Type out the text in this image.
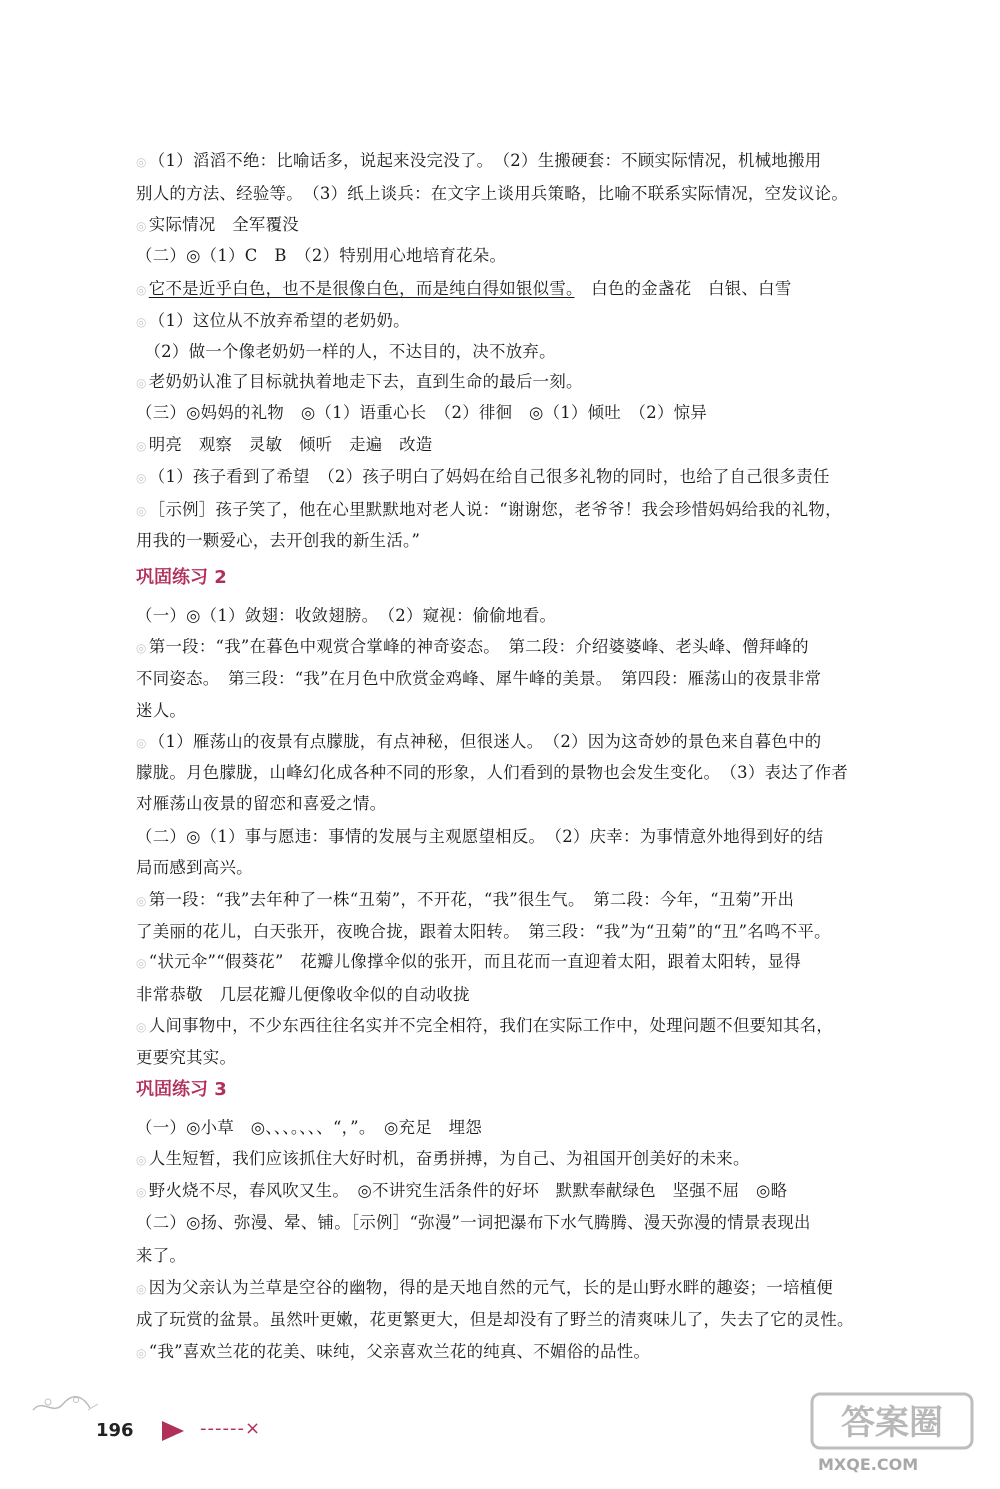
◎ （1）滔滔不绝：比喻话多，说起来没完没了。　（2）生搬硬套：不顾实际情况，机械地搬用
别人的方法、经验等。　（3）纸上谈兵：在文字上谈用兵策略，比喻不联系实际情况，空发议论。
◎ 实际情况　全军覆没
（二）◎（1）C　B　（2）特别用心地培育花朵。
◎ 它不是近乎白色，也不是很像白色，而是纯白得如银似雪。　白色的金盏花　白银、白雪
◎ （1）这位从不放弃希望的老奶奶。
　（2）做一个像老奶奶一样的人，不达目的，决不放弃。
◎ 老奶奶认准了目标就执着地走下去，直到生命的最后一刻。
（三）◎妈妈的礼物　◎（1）语重心长　（2）徘徊　◎（1）倾吐　（2）惊异
◎ 明亮　观察　灵敏　倾听　走遍　改造
◎ （1）孩子看到了希望　（2）孩子明白了妈妈在给自己很多礼物的同时，也给了自己很多责任
◎ ［示例］孩子笑了，他在心里默默地对老人说：“谢谢您，老爷爷！我会珍惜妈妈给我的礼物，
用我的一颗爱心，去开创我的新生活。”
巩固练习 2
（一）◎（1）敛翅：收敛翅膀。　（2）窥视：偷偷地看。
◎ 第一段：“我”在暮色中观赏合掌峰的神奇姿态。　第二段：介绍婆婆峰、老头峰、僧拜峰的
不同姿态。　第三段：“我”在月色中欣赏金鸡峰、犀牛峰的美景。　第四段：雁荡山的夜景非常
迷人。
◎ （1）雁荡山的夜景有点朦胧，有点神秘，但很迷人。　（2）因为这奇妙的景色来自暮色中的
朦胧。月色朦胧，山峰幻化成各种不同的形象，人们看到的景物也会发生变化。　（3）表达了作者
对雁荡山夜景的留恋和喜爱之情。
（二）◎（1）事与愿违：事情的发展与主观愿望相反。　（2）庆幸：为事情意外地得到好的结
局而感到高兴。
◎ 第一段：“我”去年种了一株“丑菊”，不开花，“我”很生气。　第二段：今年，“丑菊”开出
了美丽的花儿，白天张开，夜晚合拢，跟着太阳转。　第三段：“我”为“丑菊”的“丑”名鸣不平。
◎ “状元伞”“假葵花”　花瓣儿像撑伞似的张开，而且花而一直迎着太阳，跟着太阳转，显得
非常恭敬　几层花瓣儿便像收伞似的自动收拢
◎ 人间事物中，不少东西往往名实并不完全相符，我们在实际工作中，处理问题不但要知其名，
更要究其实。
巩固练习 3
（一）◎小草　◎、、、。、、、“，”。　◎充足　埋怨
◎ 人生短暂，我们应该抓住大好时机，奋勇拼搏，为自己、为祖国开创美好的未来。
◎ 野火烧不尽，春风吹又生。　◎不讲究生活条件的好坏　默默奉献绿色　坚强不屈　◎略
（二）◎扬、弥漫、晕、铺。［示例］“弥漫”一词把瀑布下水气腾腾、漫天弥漫的情景表现出
来了。
◎ 因为父亲认为兰草是空谷的幽物，得的是天地自然的元气，长的是山野水畔的趣姿；一培植便
成了玩赏的盆景。虽然叶更嫩，花更繁更大，但是却没有了野兰的清爽味儿了，失去了它的灵性。
◎ “我”喜欢兰花的花美、味纯，父亲喜欢兰花的纯真、不媚俗的品性。
196	------×	答案圈
MXQE.COM
